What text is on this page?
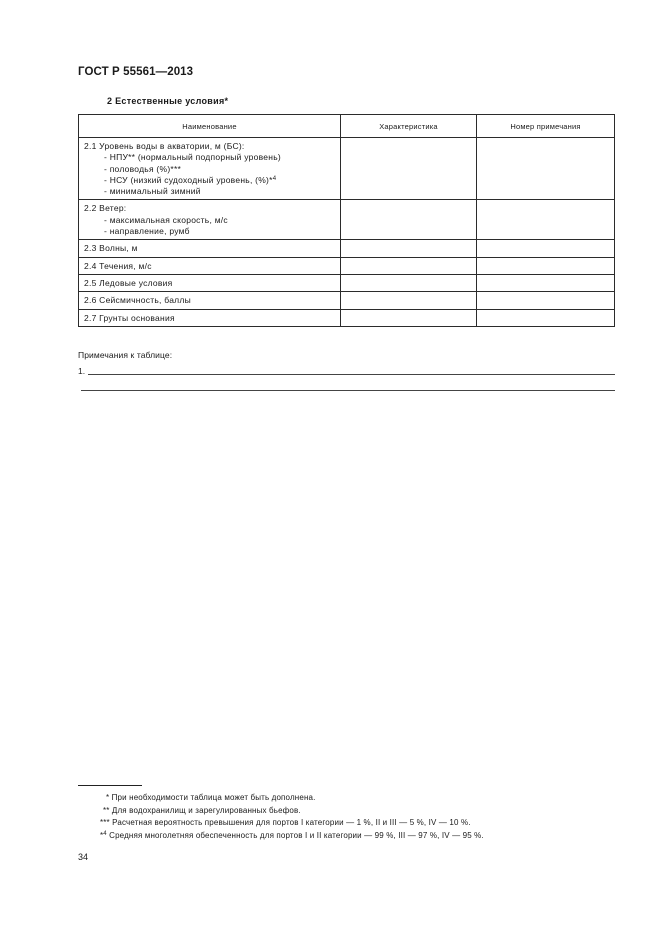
ГОСТ Р 55561—2013
2 Естественные условия*
Наименование	Характеристика	Номер примечания

2.1 Уровень воды в акватории, м (БС):
- НПУ** (нормальный подпорный уровень)
- половодья (%)***
- НСУ (низкий судоходный уровень, (%)*$^4$
- минимальный зимний		

2.2 Ветер:
- максимальная скорость, м/с
- направление, румб		

2.3 Волны, м		
2.4 Течения, м/с		
2.5 Ледовые условия		
2.6 Сейсмичность, баллы		
2.7 Грунты основания		
Примечания к таблице:
1.
* При необходимости таблица может быть дополнена.
** Для водохранилищ и зарегулированных бьефов.
*** Расчетная вероятность превышения для портов I категории — 1 %, II и III — 5 %, IV — 10 %.
*$^4$ Средняя многолетняя обеспеченность для портов I и II категории — 99 %, III — 97 %, IV — 95 %.
34
